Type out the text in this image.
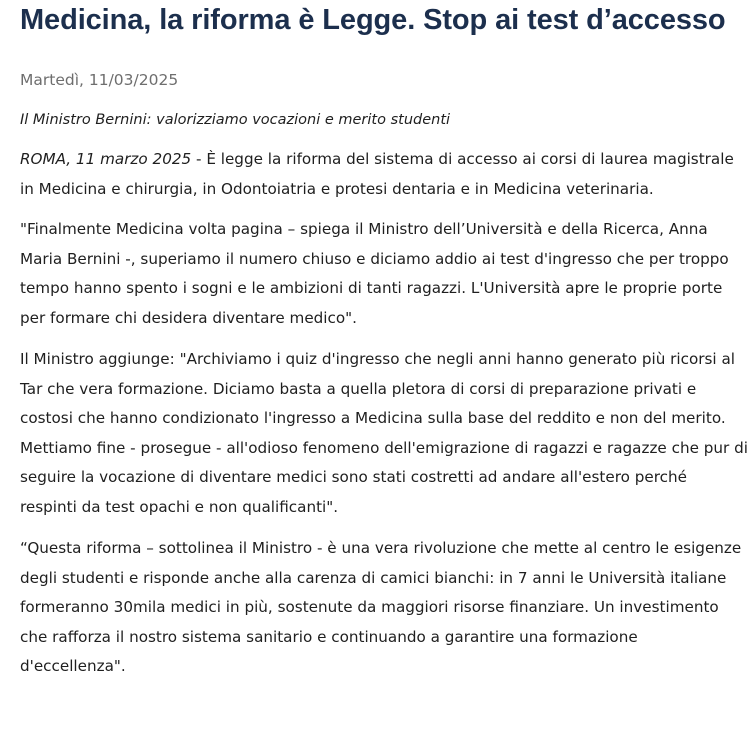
Medicina, la riforma è Legge. Stop ai test d’accesso
Martedì, 11/03/2025
Il Ministro Bernini: valorizziamo vocazioni e merito studenti

ROMA, 11 marzo 2025 - È legge la riforma del sistema di accesso ai corsi di laurea magistrale in Medicina e chirurgia, in Odontoiatria e protesi dentaria e in Medicina veterinaria.

"Finalmente Medicina volta pagina – spiega il Ministro dell’Università e della Ricerca, Anna Maria Bernini -, superiamo il numero chiuso e diciamo addio ai test d'ingresso che per troppo tempo hanno spento i sogni e le ambizioni di tanti ragazzi. L'Università apre le proprie porte per formare chi desidera diventare medico".

Il Ministro aggiunge: "Archiviamo i quiz d'ingresso che negli anni hanno generato più ricorsi al Tar che vera formazione. Diciamo basta a quella pletora di corsi di preparazione privati e costosi che hanno condizionato l'ingresso a Medicina sulla base del reddito e non del merito. Mettiamo fine - prosegue - all'odioso fenomeno dell'emigrazione di ragazzi e ragazze che pur di seguire la vocazione di diventare medici sono stati costretti ad andare all'estero perché respinti da test opachi e non qualificanti".

“Questa riforma – sottolinea il Ministro - è una vera rivoluzione che mette al centro le esigenze degli studenti e risponde anche alla carenza di camici bianchi: in 7 anni le Università italiane formeranno 30mila medici in più, sostenute da maggiori risorse finanziare. Un investimento che rafforza il nostro sistema sanitario e continuando a garantire una formazione d'eccellenza".
